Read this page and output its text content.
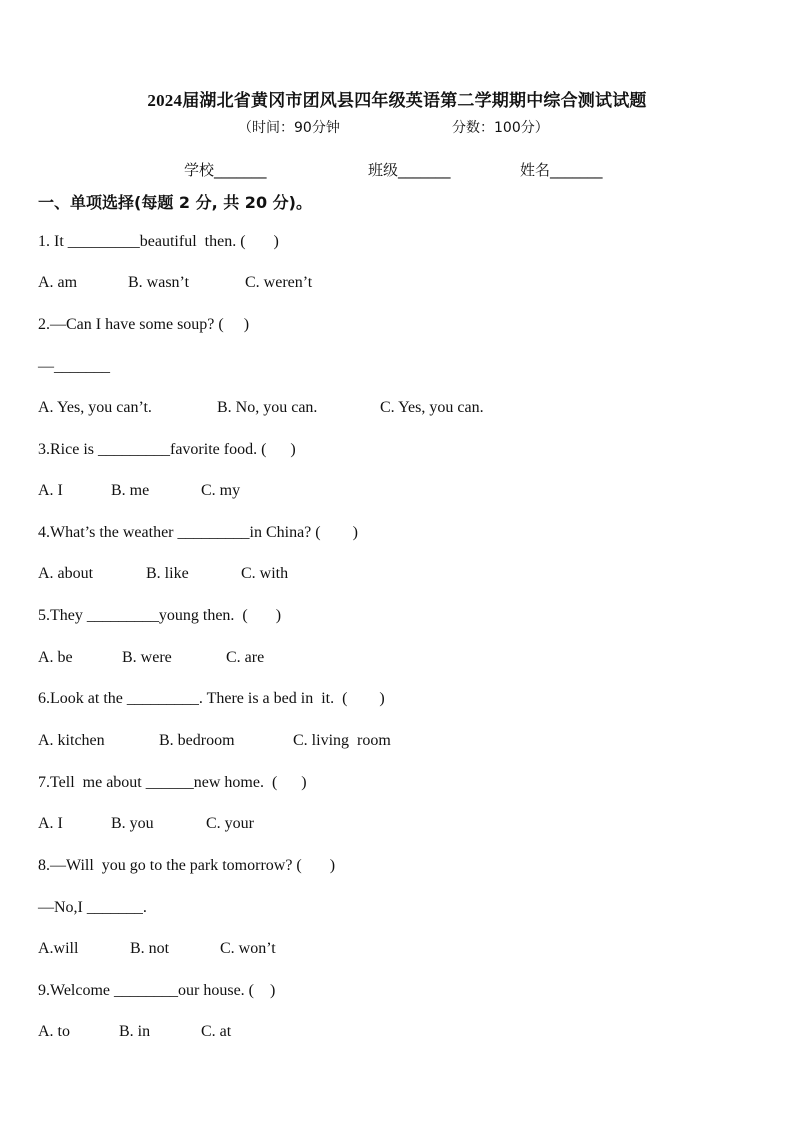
2024届湖北省黄冈市团风县四年级英语第二学期期中综合测试试题
（时间：90分钟	分数：100分）
学校_______	班级_______	姓名_______
一、单项选择(每题 2 分, 共 20 分)。
1. It _________beautiful  then. (       )

A. am

	B. wasn’t

	C. weren’t

2.—Can I have some soup? (     )
—_______

A. Yes, you can’t.

	B. No, you can.

	C. Yes, you can.

3.Rice is _________favorite food. (      )

A. I

	B. me

	C. my

4.What’s the weather _________in China? (        )

A. about

	B. like

	C. with

5.They _________young then.  (       )

A. be

	B. were

	C. are

6.Look at the _________. There is a bed in  it.  (        )

A. kitchen

	B. bedroom

	C. living  room

7.Tell  me about ______new home.  (      )

A. I

	B. you

	C. your

8.—Will  you go to the park tomorrow? (       )
—No,I _______.

A.will

	B. not

	C. won’t

9.Welcome ________our house. (    )

A. to

	B. in

	C. at
